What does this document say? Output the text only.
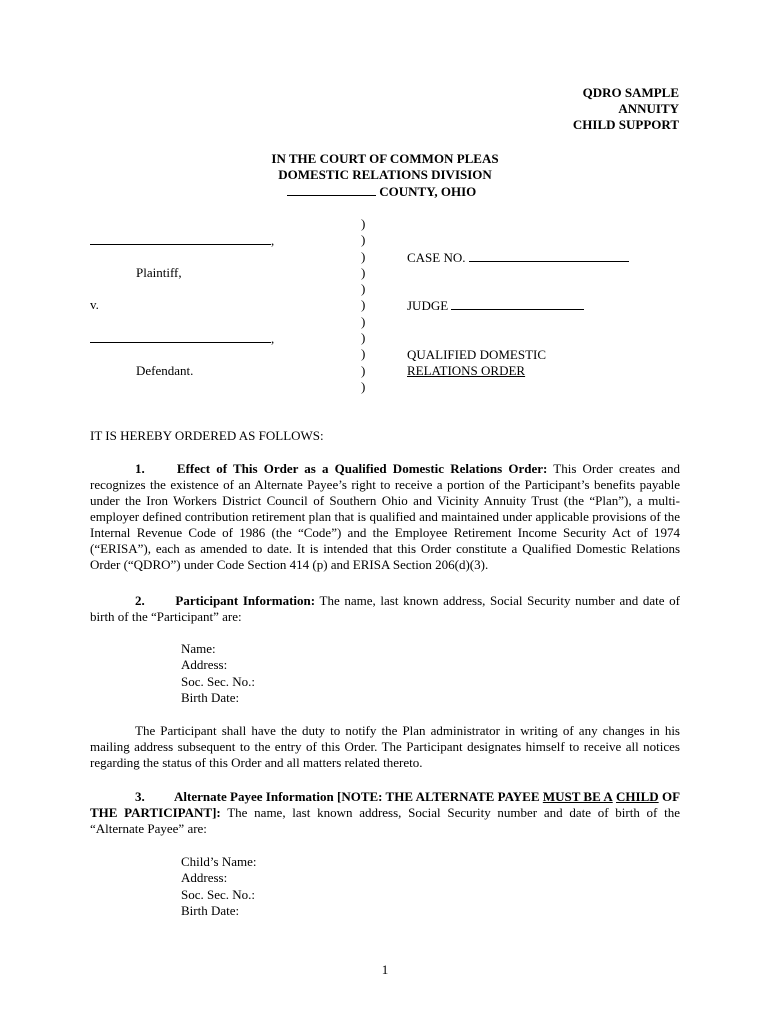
QDRO SAMPLE
ANNUITY
CHILD SUPPORT
IN THE COURT OF COMMON PLEAS
DOMESTIC RELATIONS DIVISION
COUNTY, OHIO
,
Plaintiff,
v.
,
Defendant.
)
)
)
)
)
)
)
)
)
)
)
CASE NO.
JUDGE
QUALIFIED DOMESTIC
RELATIONS ORDER
IT IS HEREBY ORDERED AS FOLLOWS:
1. Effect of This Order as a Qualified Domestic Relations Order: This Order creates and recognizes the existence of an Alternate Payee’s right to receive a portion of the Participant’s benefits payable under the Iron Workers District Council of Southern Ohio and Vicinity Annuity Trust (the “Plan”), a multi-employer defined contribution retirement plan that is qualified and maintained under applicable provisions of the Internal Revenue Code of 1986 (the “Code”) and the Employee Retirement Income Security Act of 1974 (“ERISA”), each as amended to date. It is intended that this Order constitute a Qualified Domestic Relations Order (“QDRO”) under Code Section 414 (p) and ERISA Section 206(d)(3).
2. Participant Information: The name, last known address, Social Security number and date of birth of the “Participant” are:
Name:
Address:
Soc. Sec. No.:
Birth Date:
The Participant shall have the duty to notify the Plan administrator in writing of any changes in his mailing address subsequent to the entry of this Order. The Participant designates himself to receive all notices regarding the status of this Order and all matters related thereto.
3. Alternate Payee Information [NOTE: THE ALTERNATE PAYEE MUST BE A CHILD OF THE PARTICIPANT]: The name, last known address, Social Security number and date of birth of the “Alternate Payee” are:
Child’s Name:
Address:
Soc. Sec. No.:
Birth Date:
1
